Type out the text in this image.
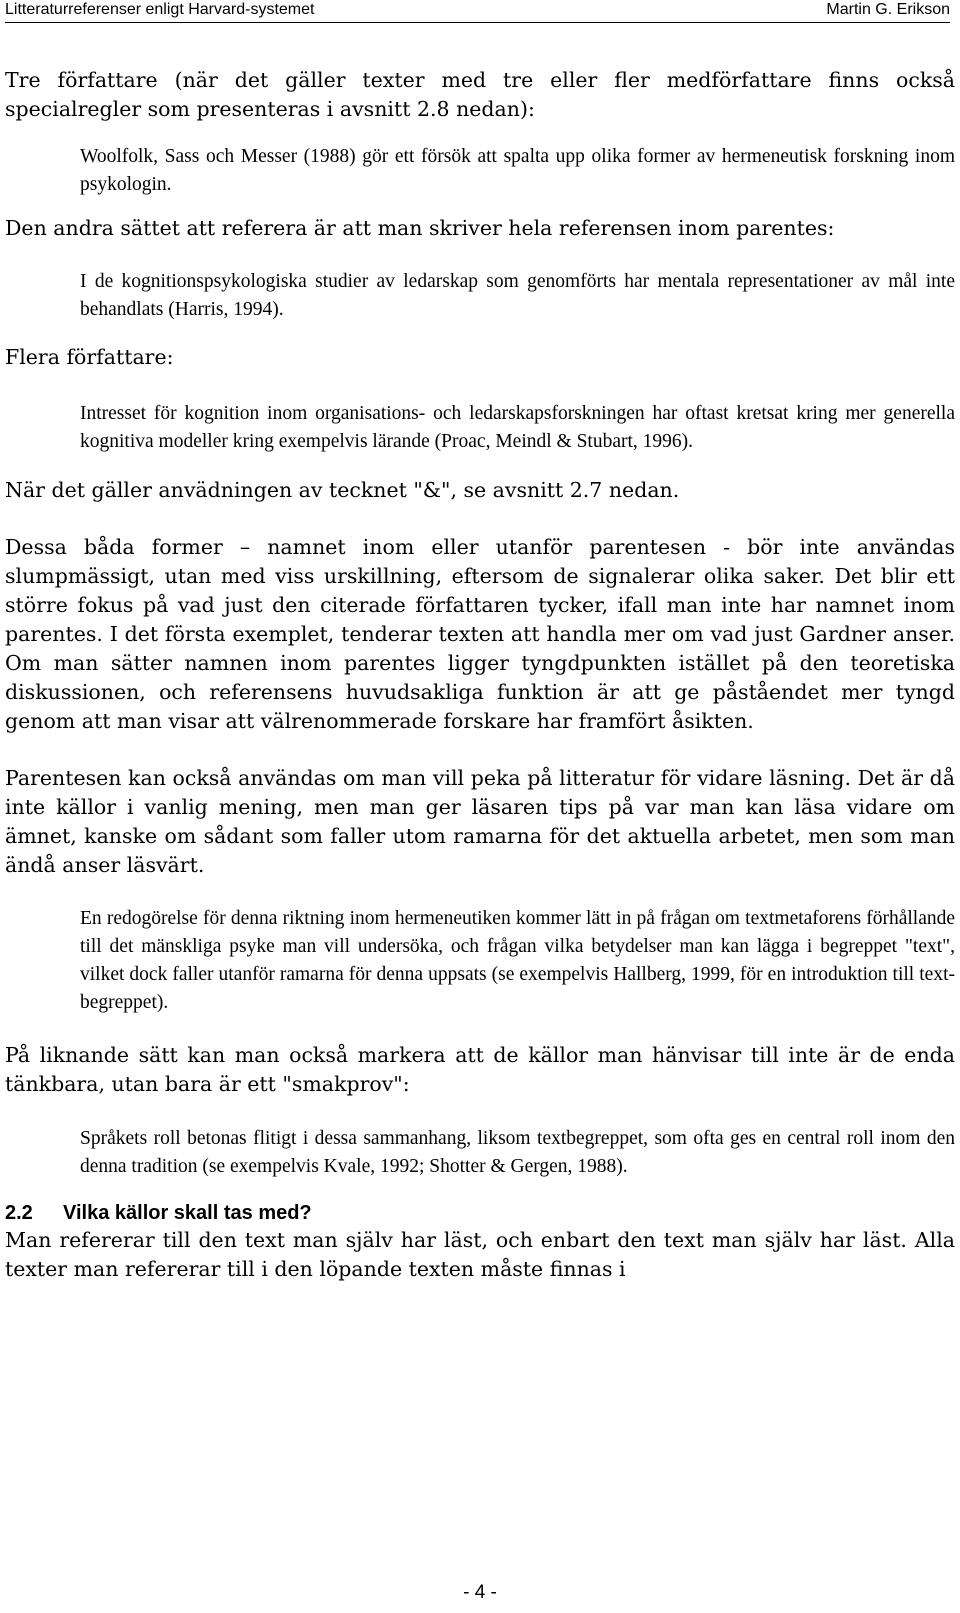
Litteraturreferenser enligt Harvard-systemet	Martin G. Erikson

Tre författare (när det gäller texter med tre eller fler medförfattare finns också specialregler som presenteras i avsnitt 2.8 nedan):

Woolfolk, Sass och Messer (1988) gör ett försök att spalta upp olika former av hermeneutisk forskning inom psykologin.

Den andra sättet att referera är att man skriver hela referensen inom parentes:

I de kognitionspsykologiska studier av ledarskap som genomförts har mentala representationer av mål inte behandlats (Harris, 1994).

Flera författare:

Intresset för kognition inom organisations- och ledarskapsforskningen har oftast kretsat kring mer generella kognitiva modeller kring exempelvis lärande (Proac, Meindl & Stubart, 1996).

När det gäller anvädningen av tecknet "&", se avsnitt 2.7 nedan.

Dessa båda former – namnet inom eller utanför parentesen - bör inte användas slumpmässigt, utan med viss urskillning, eftersom de signalerar olika saker. Det blir ett större fokus på vad just den citerade författaren tycker, ifall man inte har namnet inom parentes. I det första exemplet, tenderar texten att handla mer om vad just Gardner anser. Om man sätter namnen inom parentes ligger tyngdpunkten istället på den teoretiska diskussionen, och referensens huvudsakliga funktion är att ge påståendet mer tyngd genom att man visar att välrenommerade forskare har framfört åsikten.

Parentesen kan också användas om man vill peka på litteratur för vidare läsning. Det är då inte källor i vanlig mening, men man ger läsaren tips på var man kan läsa vidare om ämnet, kanske om sådant som faller utom ramarna för det aktuella arbetet, men som man ändå anser läsvärt.

En redogörelse för denna riktning inom hermeneutiken kommer lätt in på frågan om textmetaforens förhållande till det mänskliga psyke man vill undersöka, och frågan vilka betydelser man kan lägga i begreppet "text", vilket dock faller utanför ramarna för denna uppsats (se exempelvis Hallberg, 1999, för en introduktion till text-begreppet).

På liknande sätt kan man också markera att de källor man hänvisar till inte är de enda tänkbara, utan bara är ett "smakprov":

Språkets roll betonas flitigt i dessa sammanhang, liksom textbegreppet, som ofta ges en central roll inom den denna tradition (se exempelvis Kvale, 1992; Shotter & Gergen, 1988).

2.2 Vilka källor skall tas med?

Man refererar till den text man själv har läst, och enbart den text man själv har läst. Alla texter man refererar till i den löpande texten måste finnas i

- 4 -
